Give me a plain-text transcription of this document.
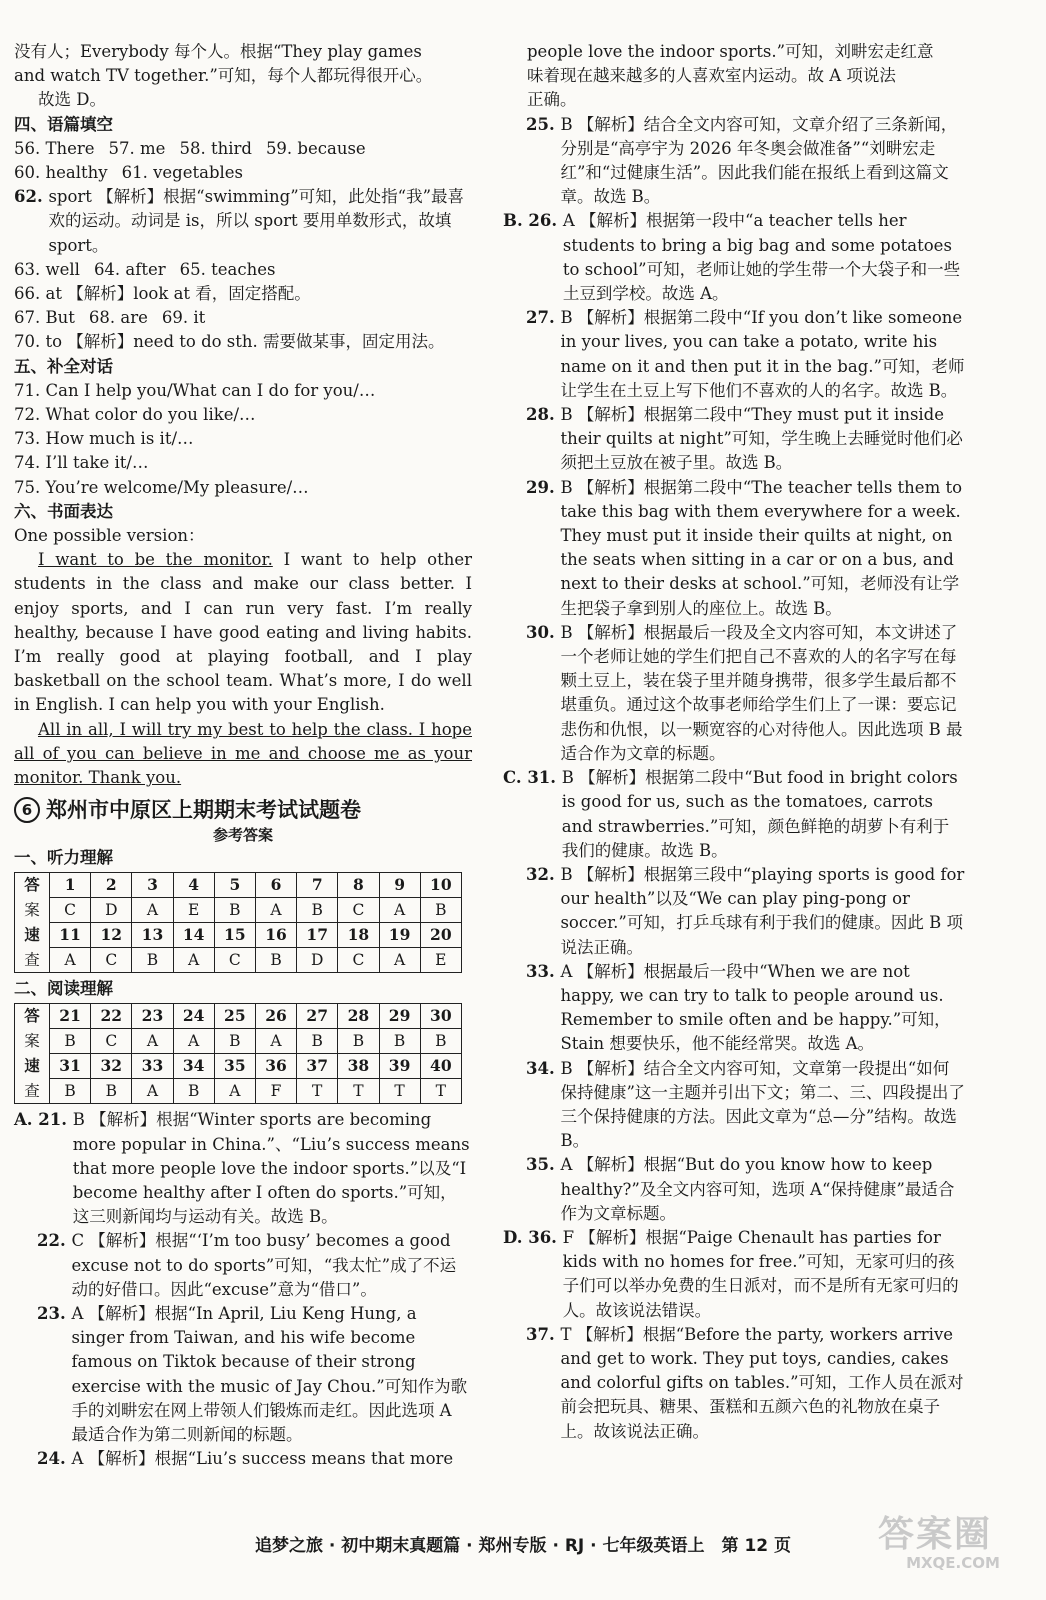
没有人；Everybody 每个人。根据“They play games

and watch TV together.”可知，每个人都玩得很开心。

故选 D。

四、语篇填空

56. There 57. me 58. third 59. because
60. healthy 61. vegetables
62. sport 【解析】根据“swimming”可知，此处指“我”最喜欢的运动。动词是 is，所以 sport 要用单数形式，故填 sport。
63. well 64. after 65. teaches

66. at 【解析】look at 看，固定搭配。

67. But 68. are 69. it

70. to 【解析】need to do sth. 需要做某事，固定用法。

五、补全对话

71. Can I help you/What can I do for you/…

72. What color do you like/…

73. How much is it/…

74. I’ll take it/…

75. You’re welcome/My pleasure/…

六、书面表达

One possible version：

I want to be the monitor. I want to help other students in the class and make our class better. I enjoy sports, and I can run very fast. I’m really healthy, because I have good eating and living habits. I’m really good at playing football, and I play basketball on the school team. What’s more, I do well in English. I can help you with your English.

All in all, I will try my best to help the class. I hope all of you can believe in me and choose me as your monitor. Thank you.

6 郑州市中原区上期期末考试试题卷

参考答案

一、听力理解

答	1	2	3	4	5	6	7	8	9	10
案	C	D	A	E	B	A	B	C	A	B
速	11	12	13	14	15	16	17	18	19	20
查	A	C	B	A	C	B	D	C	A	E

二、阅读理解

答	21	22	23	24	25	26	27	28	29	30
案	B	C	A	A	B	A	B	B	B	B
速	31	32	33	34	35	36	37	38	39	40
查	B	B	A	B	A	F	T	T	T	T
A. 21. B 【解析】根据“Winter sports are becoming more popular in China.”、“Liu’s success means that more people love the indoor sports.”以及“I become healthy after I often do sports.”可知，这三则新闻均与运动有关。故选 B。
22. C 【解析】根据“‘I’m too busy’ becomes a good excuse not to do sports”可知，“我太忙”成了不运动的好借口。因此“excuse”意为“借口”。
23. A 【解析】根据“In April, Liu Keng Hung, a singer from Taiwan, and his wife become famous on Tiktok because of their strong exercise with the music of Jay Chou.”可知作为歌手的刘畊宏在网上带领人们锻炼而走红。因此选项 A 最适合作为第二则新闻的标题。
24. A 【解析】根据“Liu’s success means that more

people love the indoor sports.”可知，刘畊宏走红意

味着现在越来越多的人喜欢室内运动。故 A 项说法

正确。

25. B 【解析】结合全文内容可知，文章介绍了三条新闻，分别是“高亭宇为 2026 年冬奥会做准备”“刘畊宏走红”和“过健康生活”。因此我们能在报纸上看到这篇文章。故选 B。
B. 26. A 【解析】根据第一段中“a teacher tells her students to bring a big bag and some potatoes to school”可知，老师让她的学生带一个大袋子和一些土豆到学校。故选 A。
27. B 【解析】根据第二段中“If you don’t like someone in your lives, you can take a potato, write his name on it and then put it in the bag.”可知，老师让学生在土豆上写下他们不喜欢的人的名字。故选 B。
28. B 【解析】根据第二段中“They must put it inside their quilts at night”可知，学生晚上去睡觉时他们必须把土豆放在被子里。故选 B。
29. B 【解析】根据第二段中“The teacher tells them to take this bag with them everywhere for a week. They must put it inside their quilts at night, on the seats when sitting in a car or on a bus, and next to their desks at school.”可知，老师没有让学生把袋子拿到别人的座位上。故选 B。
30. B 【解析】根据最后一段及全文内容可知，本文讲述了一个老师让她的学生们把自己不喜欢的人的名字写在每颗土豆上，装在袋子里并随身携带，很多学生最后都不堪重负。通过这个故事老师给学生们上了一课：要忘记悲伤和仇恨，以一颗宽容的心对待他人。因此选项 B 最适合作为文章的标题。
C. 31. B 【解析】根据第二段中“But food in bright colors is good for us, such as the tomatoes, carrots and strawberries.”可知，颜色鲜艳的胡萝卜有利于我们的健康。故选 B。
32. B 【解析】根据第三段中“playing sports is good for our health”以及“We can play ping-pong or soccer.”可知，打乒乓球有利于我们的健康。因此 B 项说法正确。
33. A 【解析】根据最后一段中“When we are not happy, we can try to talk to people around us. Remember to smile often and be happy.”可知，Stain 想要快乐，他不能经常哭。故选 A。
34. B 【解析】结合全文内容可知，文章第一段提出“如何保持健康”这一主题并引出下文；第二、三、四段提出了三个保持健康的方法。因此文章为“总—分”结构。故选 B。
35. A 【解析】根据“But do you know how to keep healthy?”及全文内容可知，选项 A“保持健康”最适合作为文章标题。
D. 36. F 【解析】根据“Paige Chenault has parties for kids with no homes for free.”可知，无家可归的孩子们可以举办免费的生日派对，而不是所有无家可归的人。故该说法错误。
37. T 【解析】根据“Before the party, workers arrive and get to work. They put toys, candies, cakes and colorful gifts on tables.”可知，工作人员在派对前会把玩具、糖果、蛋糕和五颜六色的礼物放在桌子上。故该说法正确。
追梦之旅 · 初中期末真题篇 · 郑州专版 · RJ · 七年级英语上　第 12 页	答案圈
MXQE.COM
